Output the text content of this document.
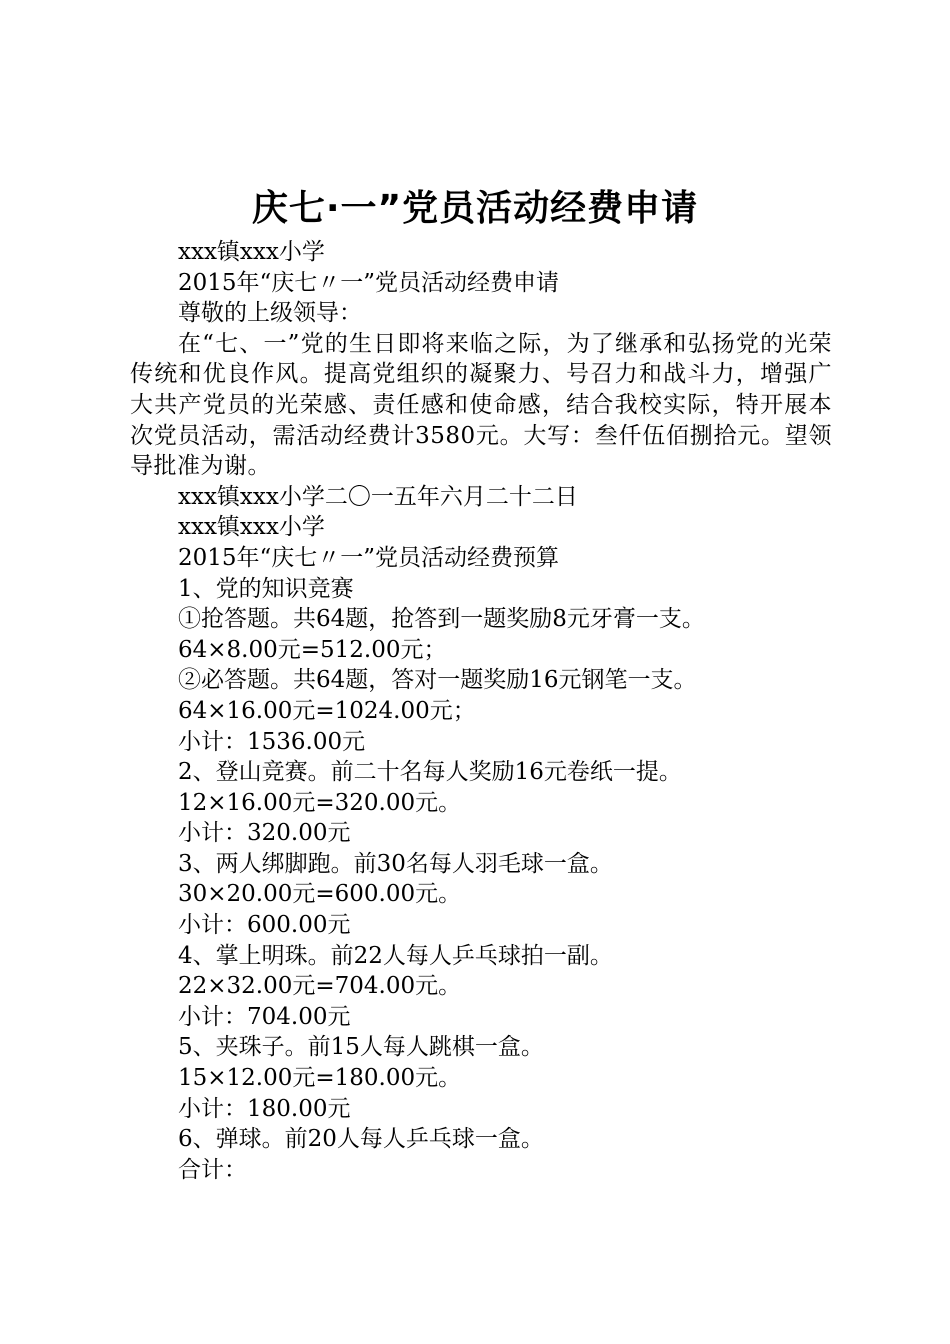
庆七·一”党员活动经费申请
xxx镇xxx小学
2015年“庆七〃一”党员活动经费申请
尊敬的上级领导：
在“七、一”党的生日即将来临之际，为了继承和弘扬党的光荣传统和优良作风。提高党组织的凝聚力、号召力和战斗力，增强广大共产党员的光荣感、责任感和使命感，结合我校实际，特开展本次党员活动，需活动经费计3580元。大写：叁仟伍佰捌拾元。望领导批准为谢。
xxx镇xxx小学二〇一五年六月二十二日
xxx镇xxx小学
2015年“庆七〃一”党员活动经费预算
1、党的知识竞赛
①抢答题。共64题，抢答到一题奖励8元牙膏一支。
64×8.00元=512.00元；
②必答题。共64题，答对一题奖励16元钢笔一支。
64×16.00元=1024.00元；
小计：1536.00元
2、登山竞赛。前二十名每人奖励16元卷纸一提。
12×16.00元=320.00元。
小计：320.00元
3、两人绑脚跑。前30名每人羽毛球一盒。
30×20.00元=600.00元。
小计：600.00元
4、掌上明珠。前22人每人乒乓球拍一副。
22×32.00元=704.00元。
小计：704.00元
5、夹珠子。前15人每人跳棋一盒。
15×12.00元=180.00元。
小计：180.00元
6、弹球。前20人每人乒乓球一盒。
合计：
